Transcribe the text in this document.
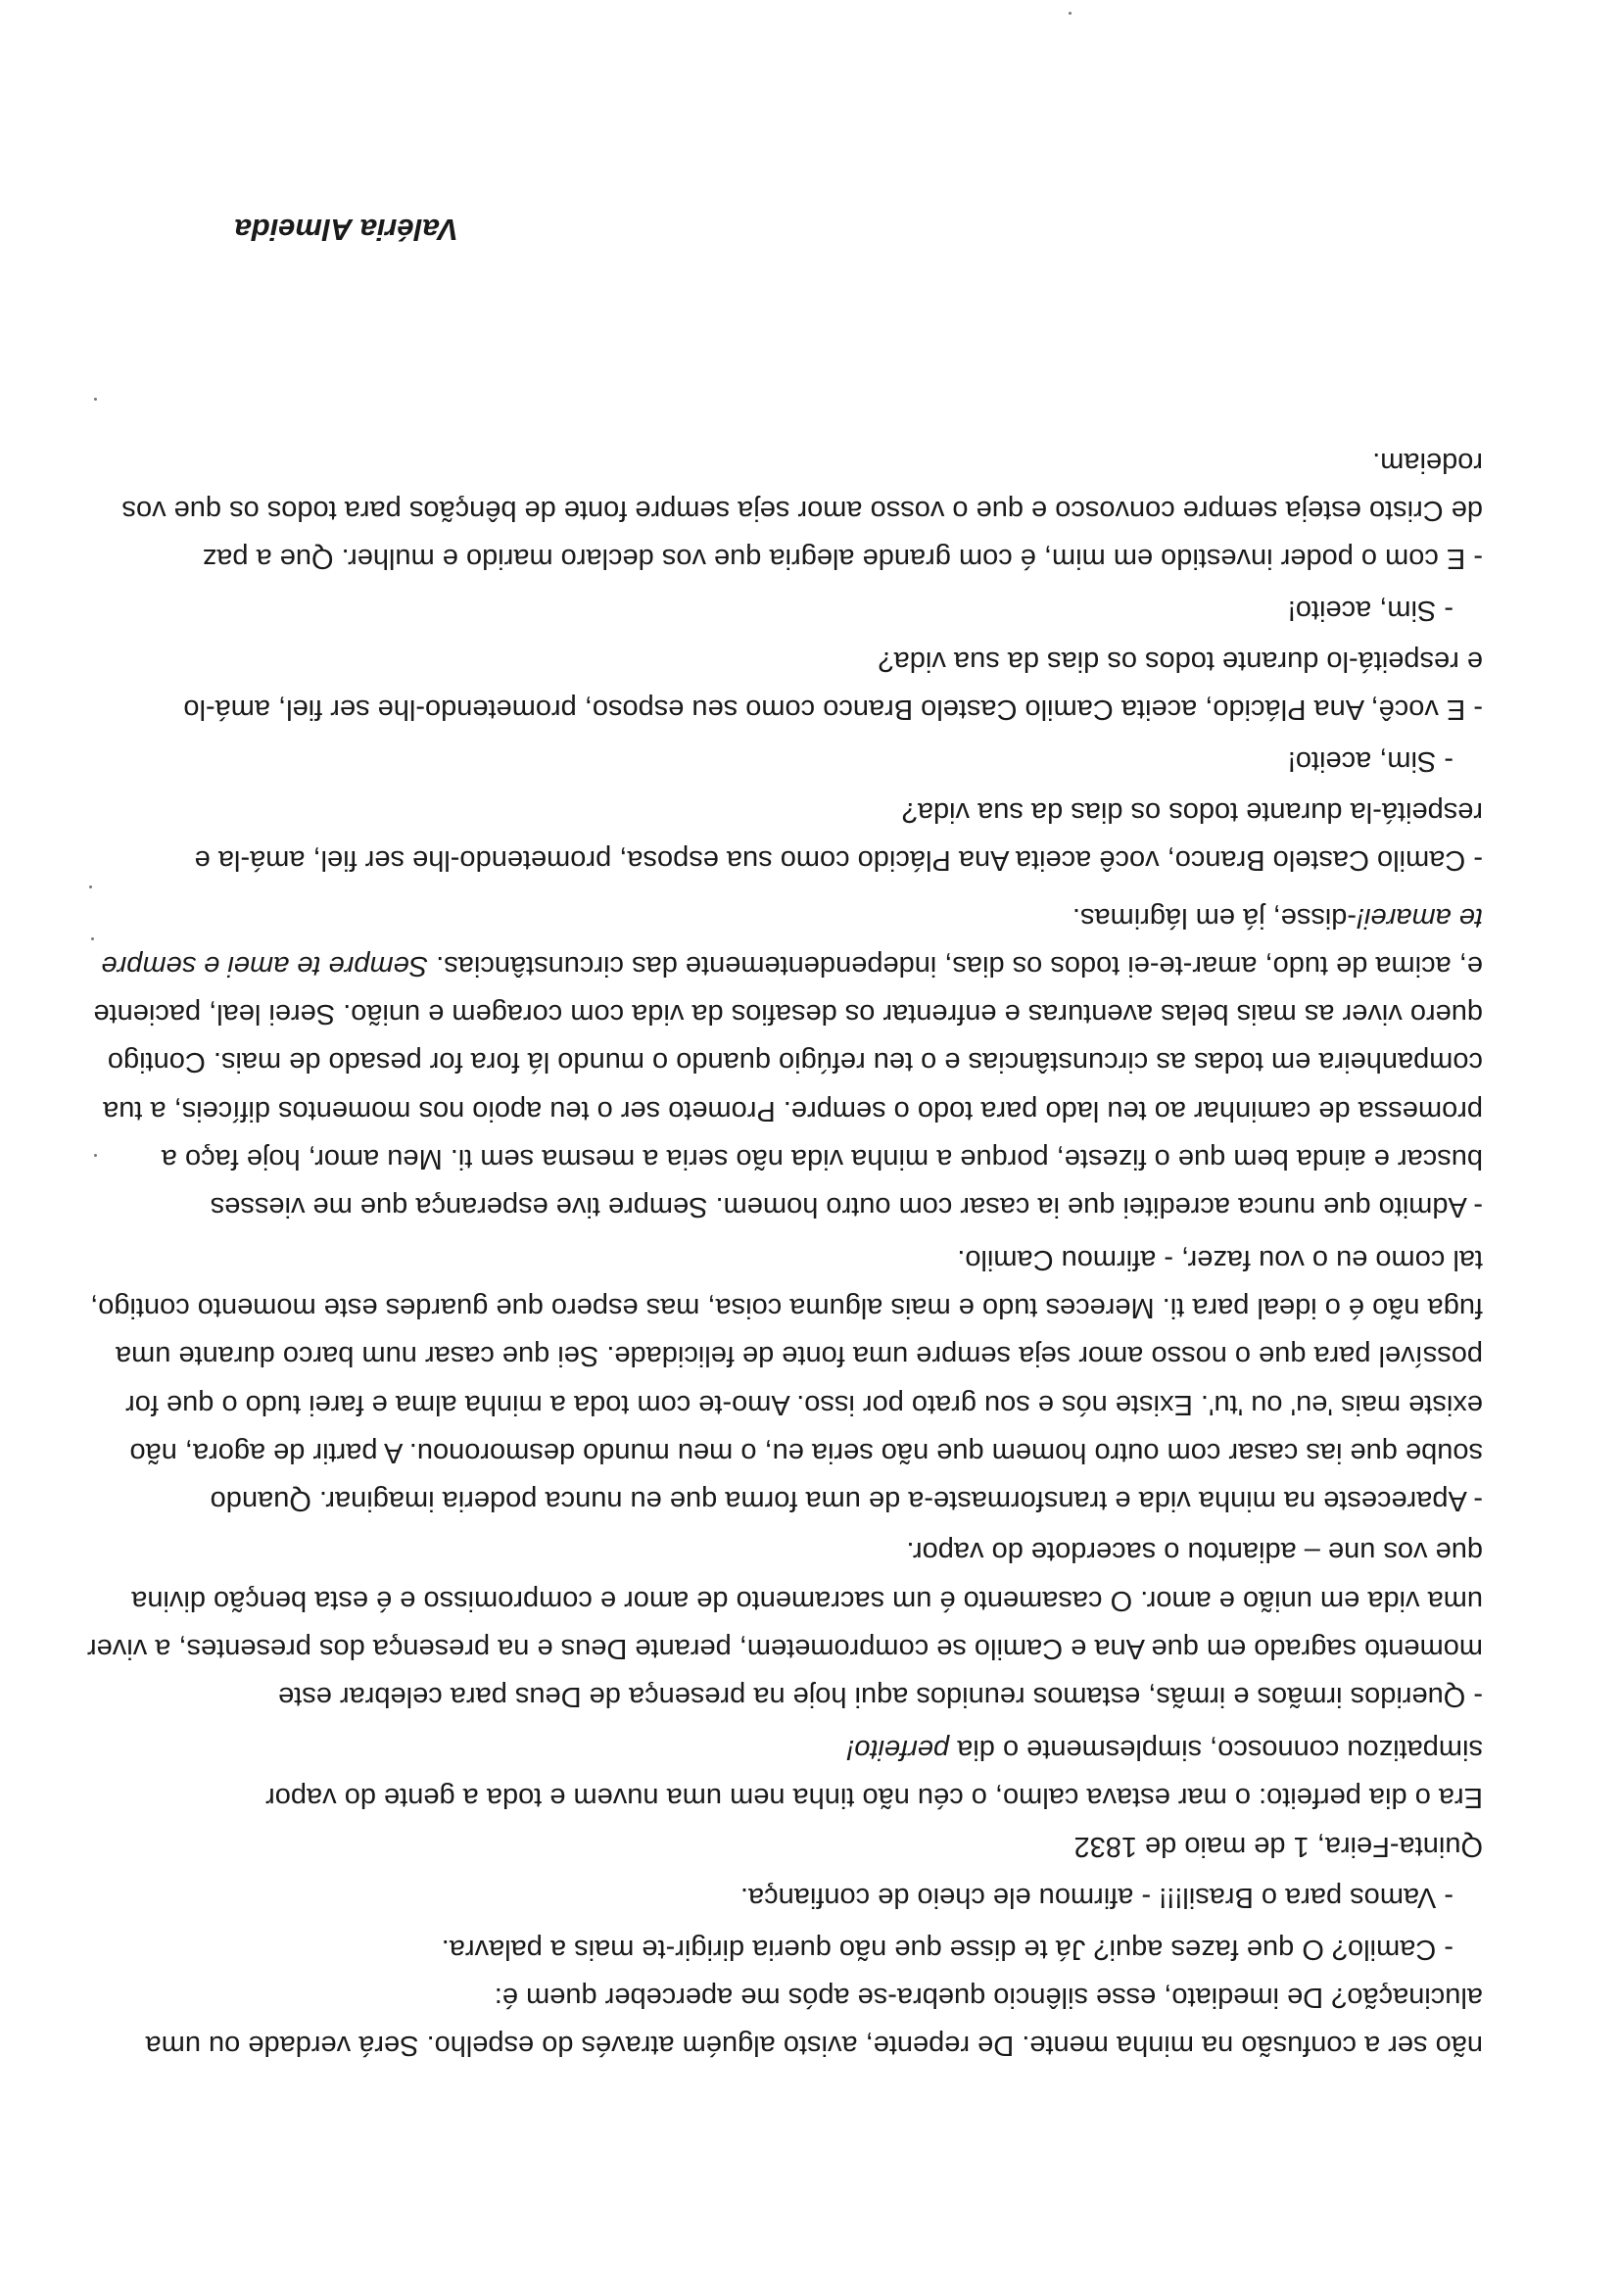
não ser a confusão na minha mente. De repente, avisto alguém através do espelho. Será verdade ou uma
alucinação? De imediato, esse silêncio quebra-se após me aperceber quem é:
- Camilo? O que fazes aqui? Já te disse que não queria dirigir-te mais a palavra.
- Vamos para o Brasil!!! - afirmou ele cheio de confiança.
Quinta-Feira, 1 de maio de 1832
Era o dia perfeito: o mar estava calmo, o céu não tinha nem uma nuvem e toda a gente do vapor
simpatizou connosco, simplesmente o dia perfeito!
- Queridos irmãos e irmãs, estamos reunidos aqui hoje na presença de Deus para celebrar este
momento sagrado em que Ana e Camilo se comprometem, perante Deus e na presença dos presentes, a viver
uma vida em união e amor. O casamento é um sacramento de amor e compromisso e é esta benção divina
que vos une – adiantou o sacerdote do vapor.
- Apareceste na minha vida e transformaste-a de uma forma que eu nunca poderia imaginar. Quando
soube que ias casar com outro homem que não seria eu, o meu mundo desmoronou. A partir de agora, não
existe mais 'eu' ou 'tu'. Existe nós e sou grato por isso. Amo-te com toda a minha alma e farei tudo o que for
possível para que o nosso amor seja sempre uma fonte de felicidade. Sei que casar num barco durante uma
fuga não é o ideal para ti. Mereces tudo e mais alguma coisa, mas espero que guardes este momento contigo,
tal como eu o vou fazer, - afirmou Camilo.
- Admito que nunca acreditei que ia casar com outro homem. Sempre tive esperança que me viesses
buscar e ainda bem que o fizeste, porque a minha vida não seria a mesma sem ti. Meu amor, hoje faço a
promessa de caminhar ao teu lado para todo o sempre. Prometo ser o teu apoio nos momentos difíceis, a tua
companheira em todas as circunstâncias e o teu refúgio quando o mundo lá fora for pesado de mais. Contigo
quero viver as mais belas aventuras e enfrentar os desafios da vida com coragem e união. Serei leal, paciente
e, acima de tudo, amar-te-ei todos os dias, independentemente das circunstâncias. Sempre te amei e sempre
te amarei!-disse, já em lágrimas.
- Camilo Castelo Branco, você aceita Ana Plácido como sua esposa, prometendo-lhe ser fiel, amá-la e
respeitá-la durante todos os dias da sua vida?
- Sim, aceito!
- E você, Ana Plácido, aceita Camilo Castelo Branco como seu esposo, prometendo-lhe ser fiel, amá-lo
e respeitá-lo durante todos os dias da sua vida?
- Sim, aceito!
- E com o poder investido em mim, é com grande alegria que vos declaro marido e mulher. Que a paz
de Cristo esteja sempre convosco e que o vosso amor seja sempre fonte de bênçãos para todos os que vos
rodeiam.
Valéria Almeida
